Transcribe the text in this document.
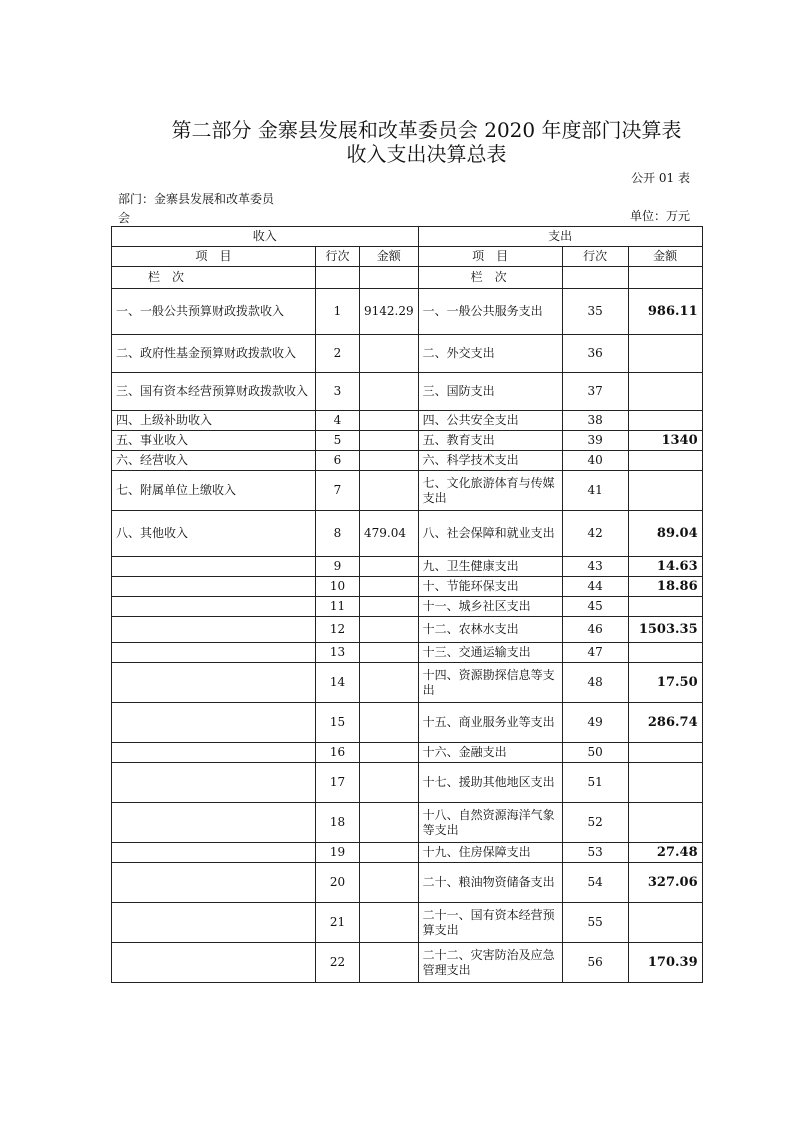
第二部分 金寨县发展和改革委员会 2020 年度部门决算表
收入支出决算总表
公开 01 表
部门：金寨县发展和改革委员会	单位：万元
收入			支出		
项　目	行次	金额	项　目	行次	金额
栏　次			栏　次		
一、一般公共预算财政拨款收入	1	9142.29	一、一般公共服务支出	35	986.11
二、政府性基金预算财政拨款收入	2		二、外交支出	36	
三、国有资本经营预算财政拨款收入	3		三、国防支出	37	
四、上级补助收入	4		四、公共安全支出	38	
五、事业收入	5		五、教育支出	39	1340
六、经营收入	6		六、科学技术支出	40	
七、附属单位上缴收入	7		七、文化旅游体育与传媒支出	41	
八、其他收入	8	479.04	八、社会保障和就业支出	42	89.04
	9		九、卫生健康支出	43	14.63
	10		十、节能环保支出	44	18.86
	11		十一、城乡社区支出	45	
	12		十二、农林水支出	46	1503.35
	13		十三、交通运输支出	47	
	14		十四、资源勘探信息等支出	48	17.50
	15		十五、商业服务业等支出	49	286.74
	16		十六、金融支出	50	
	17		十七、援助其他地区支出	51	
	18		十八、自然资源海洋气象等支出	52	
	19		十九、住房保障支出	53	27.48
	20		二十、粮油物资储备支出	54	327.06
	21		二十一、国有资本经营预算支出	55	
	22		二十二、灾害防治及应急管理支出	56	170.39
